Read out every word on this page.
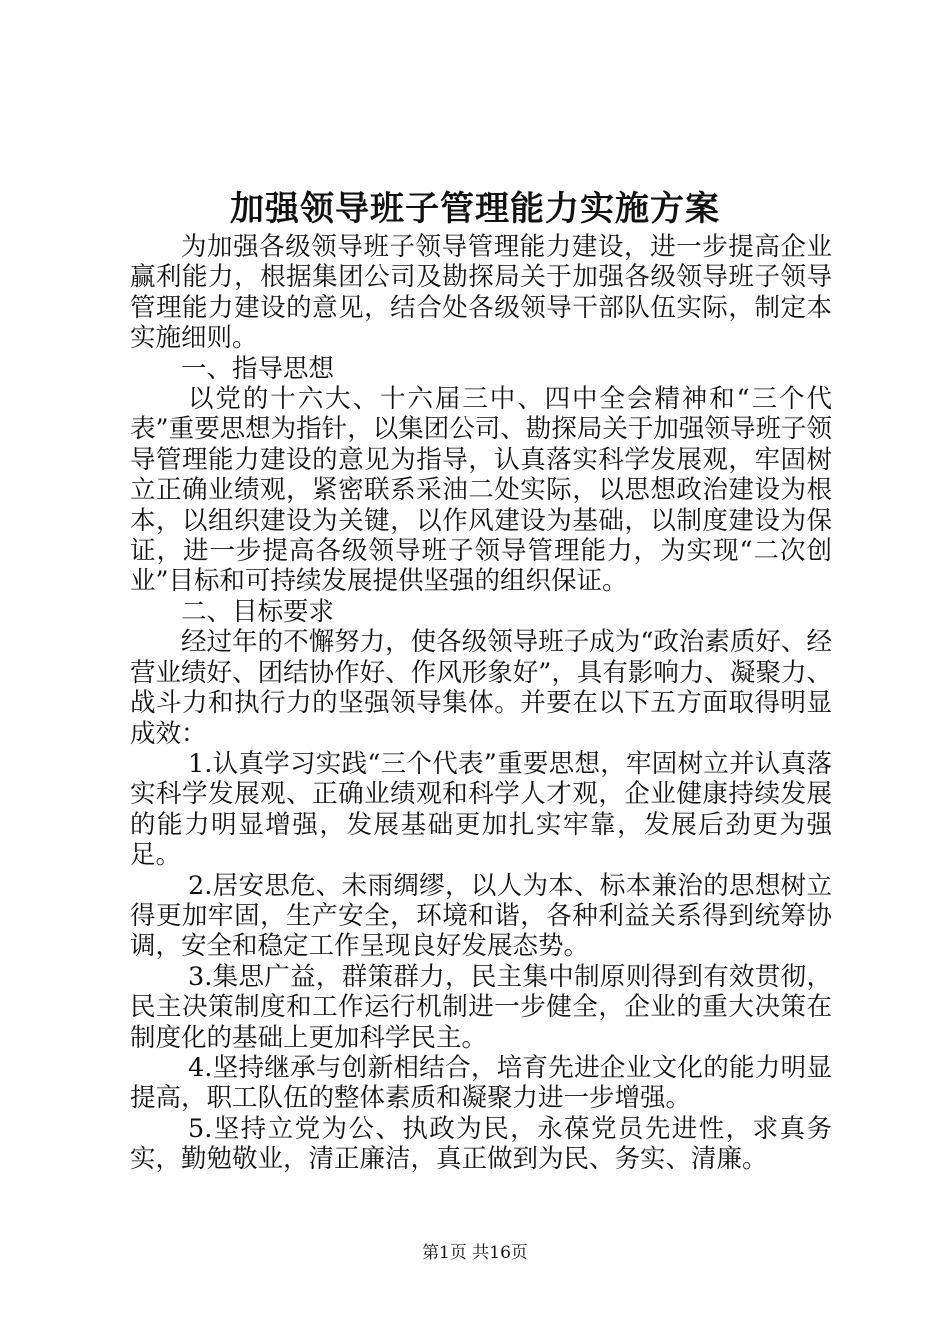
加强领导班子管理能力实施方案

为加强各级领导班子领导管理能力建设，进一步提高企业赢利能力，根据集团公司及勘探局关于加强各级领导班子领导管理能力建设的意见，结合处各级领导干部队伍实际，制定本实施细则。

一、指导思想

以党的十六大、十六届三中、四中全会精神和“三个代表”重要思想为指针，以集团公司、勘探局关于加强领导班子领导管理能力建设的意见为指导，认真落实科学发展观，牢固树立正确业绩观，紧密联系采油二处实际，以思想政治建设为根本，以组织建设为关键，以作风建设为基础，以制度建设为保证，进一步提高各级领导班子领导管理能力，为实现“二次创业”目标和可持续发展提供坚强的组织保证。

二、目标要求

经过年的不懈努力，使各级领导班子成为“政治素质好、经营业绩好、团结协作好、作风形象好”，具有影响力、凝聚力、战斗力和执行力的坚强领导集体。并要在以下五方面取得明显成效：

1.认真学习实践“三个代表”重要思想，牢固树立并认真落实科学发展观、正确业绩观和科学人才观，企业健康持续发展的能力明显增强，发展基础更加扎实牢靠，发展后劲更为强足。

2.居安思危、未雨绸缪，以人为本、标本兼治的思想树立得更加牢固，生产安全，环境和谐，各种利益关系得到统筹协调，安全和稳定工作呈现良好发展态势。

3.集思广益，群策群力，民主集中制原则得到有效贯彻，民主决策制度和工作运行机制进一步健全，企业的重大决策在制度化的基础上更加科学民主。

4.坚持继承与创新相结合，培育先进企业文化的能力明显提高，职工队伍的整体素质和凝聚力进一步增强。

5.坚持立党为公、执政为民，永葆党员先进性，求真务实，勤勉敬业，清正廉洁，真正做到为民、务实、清廉。

第1页 共16页
